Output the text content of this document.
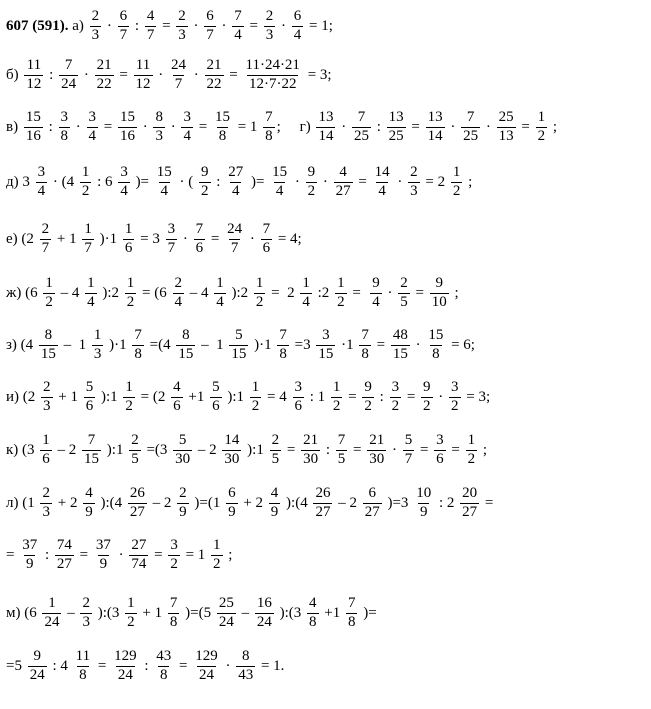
607 (591).
$a) \frac{2}{3} \cdot \frac{6}{7}$ : $\frac{4}{7} = \frac{2}{3} \cdot \frac{6}{7} \cdot \frac{7}{4} = \frac{2}{3} \cdot \frac{6}{4} = 1$;
$б) \frac{11}{12}$ : $\frac{7}{24} \cdot \frac{21}{22} = \frac{11}{12} \cdot \frac{24}{7} \cdot \frac{21}{22} = \frac{11\cdot 24\cdot 21}{12\cdot 7\cdot 22} = 3$;
$в) \frac{15}{16}$ : $\frac{3}{8} \cdot \frac{3}{4} = \frac{15}{16} \cdot \frac{8}{3} \cdot \frac{3}{4} = \frac{15}{8} = 1 \frac{7}{8}$ ;     $г) \frac{13}{14} \cdot \frac{7}{25}$ : $\frac{13}{25} = \frac{13}{14} \cdot \frac{7}{25} \cdot \frac{25}{13} = \frac{1}{2}$ ;
д) $3 \frac{3}{4} \cdot (4 \frac{1}{2}$ : $6 \frac{3}{4}$ )= $\frac{15}{4}$ · ( $\frac{9}{2}$ : $\frac{27}{4}$ )= $\frac{15}{4} \cdot \frac{9}{2} \cdot \frac{4}{27} = \frac{14}{4} \cdot \frac{2}{3} = 2 \frac{1}{2}$ ;
е) $(2 \frac{2}{7} + 1 \frac{1}{7} )\cdot 1 \frac{1}{6} = 3 \frac{3}{7} \cdot \frac{7}{6} = \frac{24}{7} \cdot \frac{7}{6} = 4$;
ж) ($6 \frac{1}{2} - 4 \frac{1}{4}$ ):2 $\frac{1}{2} = (6 \frac{2}{4} - 4 \frac{1}{4}$ ):2 $\frac{1}{2} = 2 \frac{1}{4}$ :2 $\frac{1}{2} = \frac{9}{4} \cdot \frac{2}{5} = \frac{9}{10}$ ;
з) $(4 \frac{8}{15} - 1 \frac{1}{3} )\cdot 1 \frac{7}{8} =(4 \frac{8}{15} - 1 \frac{5}{15} )\cdot 1 \frac{7}{8} =3 \frac{3}{15} \cdot 1 \frac{7}{8} = \frac{48}{15} \cdot \frac{15}{8} = 6$;
и) ($2 \frac{2}{3} + 1 \frac{5}{6}$ ):1 $\frac{1}{2} = (2 \frac{4}{6} +1 \frac{5}{6}$ ):1 $\frac{1}{2} = 4 \frac{3}{6}$ : $1 \frac{1}{2} = \frac{9}{2}$ : $\frac{3}{2} = \frac{9}{2} \cdot \frac{3}{2} = 3$;
к) ($3 \frac{1}{6} - 2 \frac{7}{15}$ ):1 $\frac{2}{5} =(3 \frac{5}{30} - 2 \frac{14}{30}$ ):1 $\frac{2}{5} = \frac{21}{30}$ : $\frac{7}{5} = \frac{21}{30} \cdot \frac{5}{7} = \frac{3}{6} = \frac{1}{2}$ ;
л) ($1 \frac{2}{3} + 2 \frac{4}{9}$ ):(4 $\frac{26}{27} - 2 \frac{2}{9} )=(1 \frac{6}{9} + 2 \frac{4}{9}$ ):(4 $\frac{26}{27} - 2 \frac{6}{27} )=3 \frac{10}{9}$ : $2 \frac{20}{27}$ =
= $\frac{37}{9}$ : $\frac{74}{27} = \frac{37}{9} \cdot \frac{27}{74} = \frac{3}{2} = 1 \frac{1}{2}$ ;
м) ($6 \frac{1}{24} - \frac{2}{3}$ ):(3 $\frac{1}{2} + 1 \frac{7}{8} )=(5 \frac{25}{24} - \frac{16}{24}$ ):(3 $\frac{4}{8} +1 \frac{7}{8}$ )=
$=5 \frac{9}{24}$ : $4 \frac{11}{8} = \frac{129}{24}$ : $\frac{43}{8} = \frac{129}{24} \cdot \frac{8}{43} = 1$.
